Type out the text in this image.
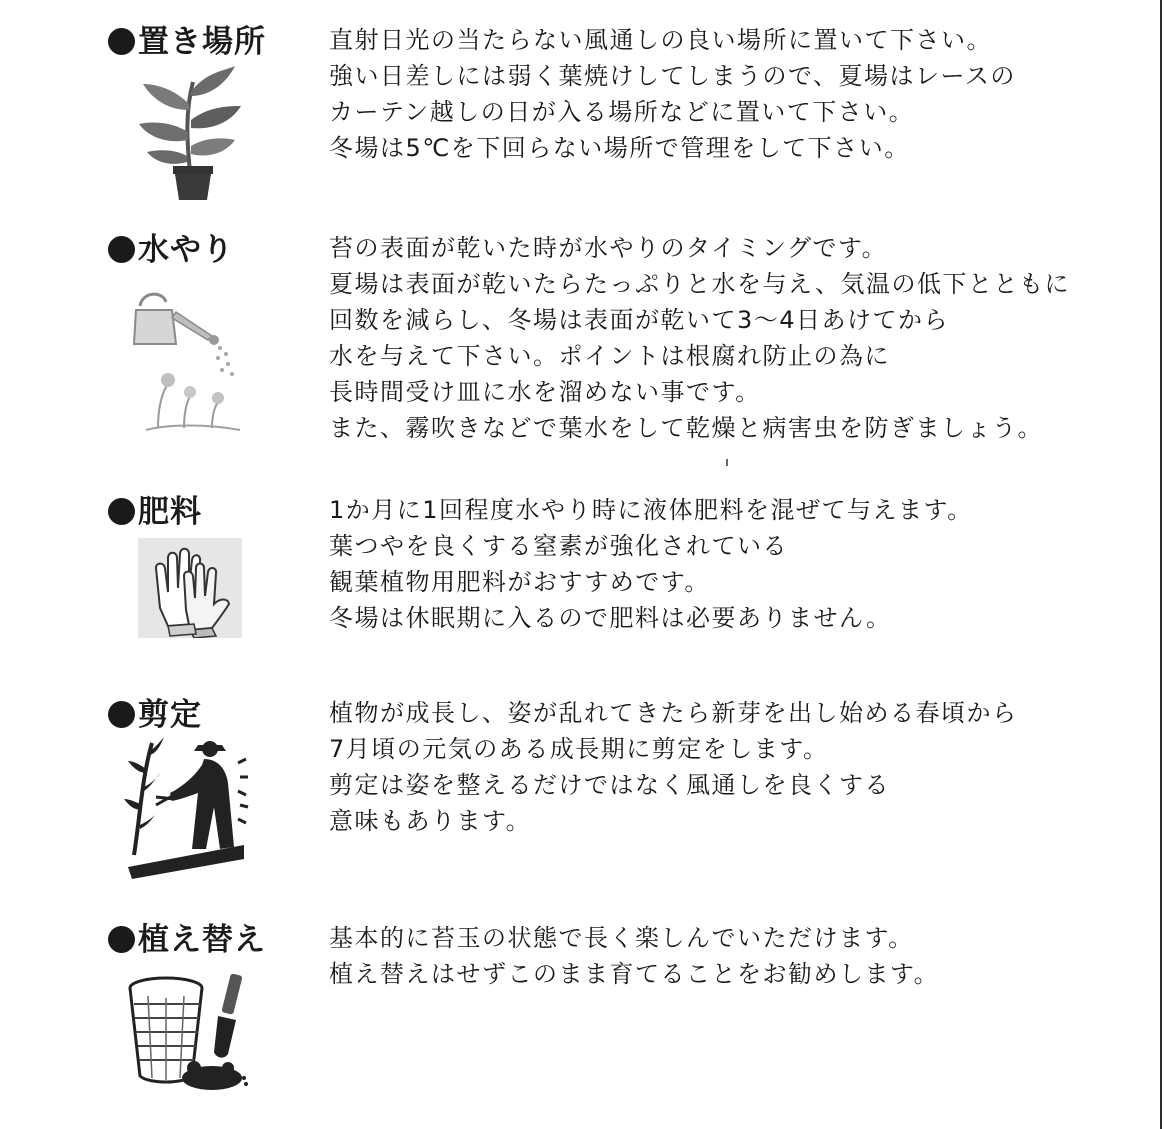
置き場所	直射日光の当たらない風通しの良い場所に置いて下さい。
強い日差しには弱く葉焼けしてしまうので、夏場はレースの
カーテン越しの日が入る場所などに置いて下さい。
冬場は5℃を下回らない場所で管理をして下さい。
水やり	苔の表面が乾いた時が水やりのタイミングです。
夏場は表面が乾いたらたっぷりと水を与え、気温の低下とともに
回数を減らし、冬場は表面が乾いて3〜4日あけてから
水を与えて下さい。ポイントは根腐れ防止の為に
長時間受け皿に水を溜めない事です。
また、霧吹きなどで葉水をして乾燥と病害虫を防ぎましょう。
肥料	1か月に1回程度水やり時に液体肥料を混ぜて与えます。
葉つやを良くする窒素が強化されている
観葉植物用肥料がおすすめです。
冬場は休眠期に入るので肥料は必要ありません。
剪定	植物が成長し、姿が乱れてきたら新芽を出し始める春頃から
7月頃の元気のある成長期に剪定をします。
剪定は姿を整えるだけではなく風通しを良くする
意味もあります。
植え替え	基本的に苔玉の状態で長く楽しんでいただけます。
植え替えはせずこのまま育てることをお勧めします。
